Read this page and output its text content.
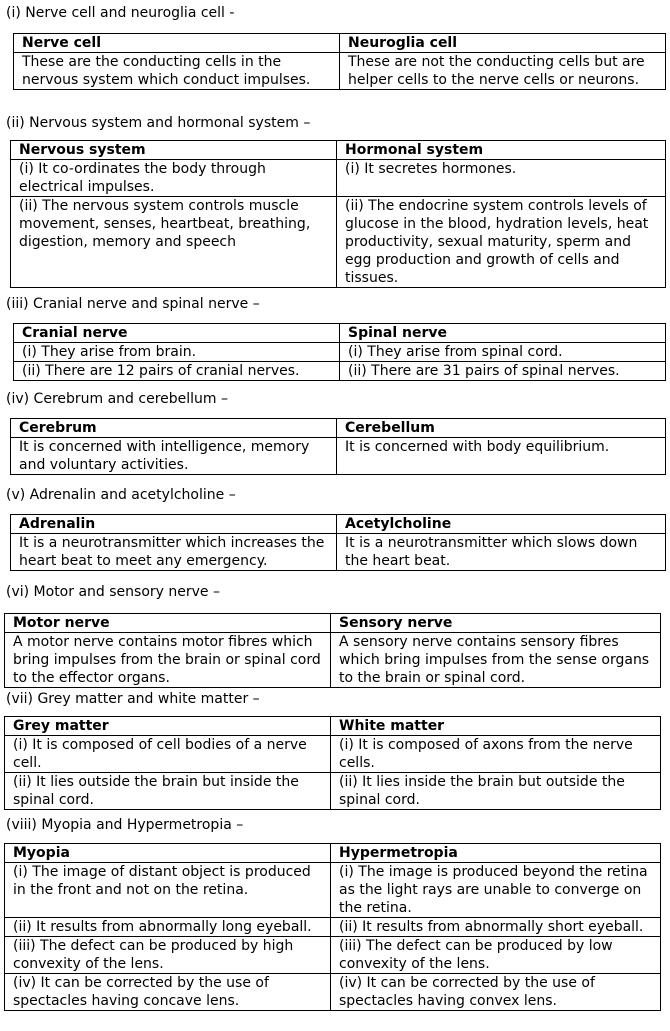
(i) Nerve cell and neuroglia cell -
Nerve cell	Neuroglia cell
These are the conducting cells in the nervous system which conduct impulses.	These are not the conducting cells but are helper cells to the nerve cells or neurons.
(ii) Nervous system and hormonal system –
Nervous system	Hormonal system
(i) It co-ordinates the body through electrical impulses.	(i) It secretes hormones.
(ii) The nervous system controls muscle movement, senses, heartbeat, breathing, digestion, memory and speech	(ii) The endocrine system controls levels of glucose in the blood, hydration levels, heat productivity, sexual maturity, sperm and egg production and growth of cells and tissues.
(iii) Cranial nerve and spinal nerve –
Cranial nerve	Spinal nerve
(i) They arise from brain.	(i) They arise from spinal cord.
(ii) There are 12 pairs of cranial nerves.	(ii) There are 31 pairs of spinal nerves.
(iv) Cerebrum and cerebellum –
Cerebrum	Cerebellum
It is concerned with intelligence, memory and voluntary activities.	It is concerned with body equilibrium.
(v) Adrenalin and acetylcholine –
Adrenalin	Acetylcholine
It is a neurotransmitter which increases the heart beat to meet any emergency.	It is a neurotransmitter which slows down the heart beat.
(vi) Motor and sensory nerve –
Motor nerve	Sensory nerve
A motor nerve contains motor fibres which bring impulses from the brain or spinal cord to the effector organs.	A sensory nerve contains sensory fibres which bring impulses from the sense organs to the brain or spinal cord.
(vii) Grey matter and white matter –
Grey matter	White matter
(i) It is composed of cell bodies of a nerve cell.	(i) It is composed of axons from the nerve cells.
(ii) It lies outside the brain but inside the spinal cord.	(ii) It lies inside the brain but outside the spinal cord.
(viii) Myopia and Hypermetropia –
Myopia	Hypermetropia
(i) The image of distant object is produced in the front and not on the retina.	(i) The image is produced beyond the retina as the light rays are unable to converge on the retina.
(ii) It results from abnormally long eyeball.	(ii) It results from abnormally short eyeball.
(iii) The defect can be produced by high convexity of the lens.	(iii) The defect can be produced by low convexity of the lens.
(iv) It can be corrected by the use of spectacles having concave lens.	(iv) It can be corrected by the use of spectacles having convex lens.
